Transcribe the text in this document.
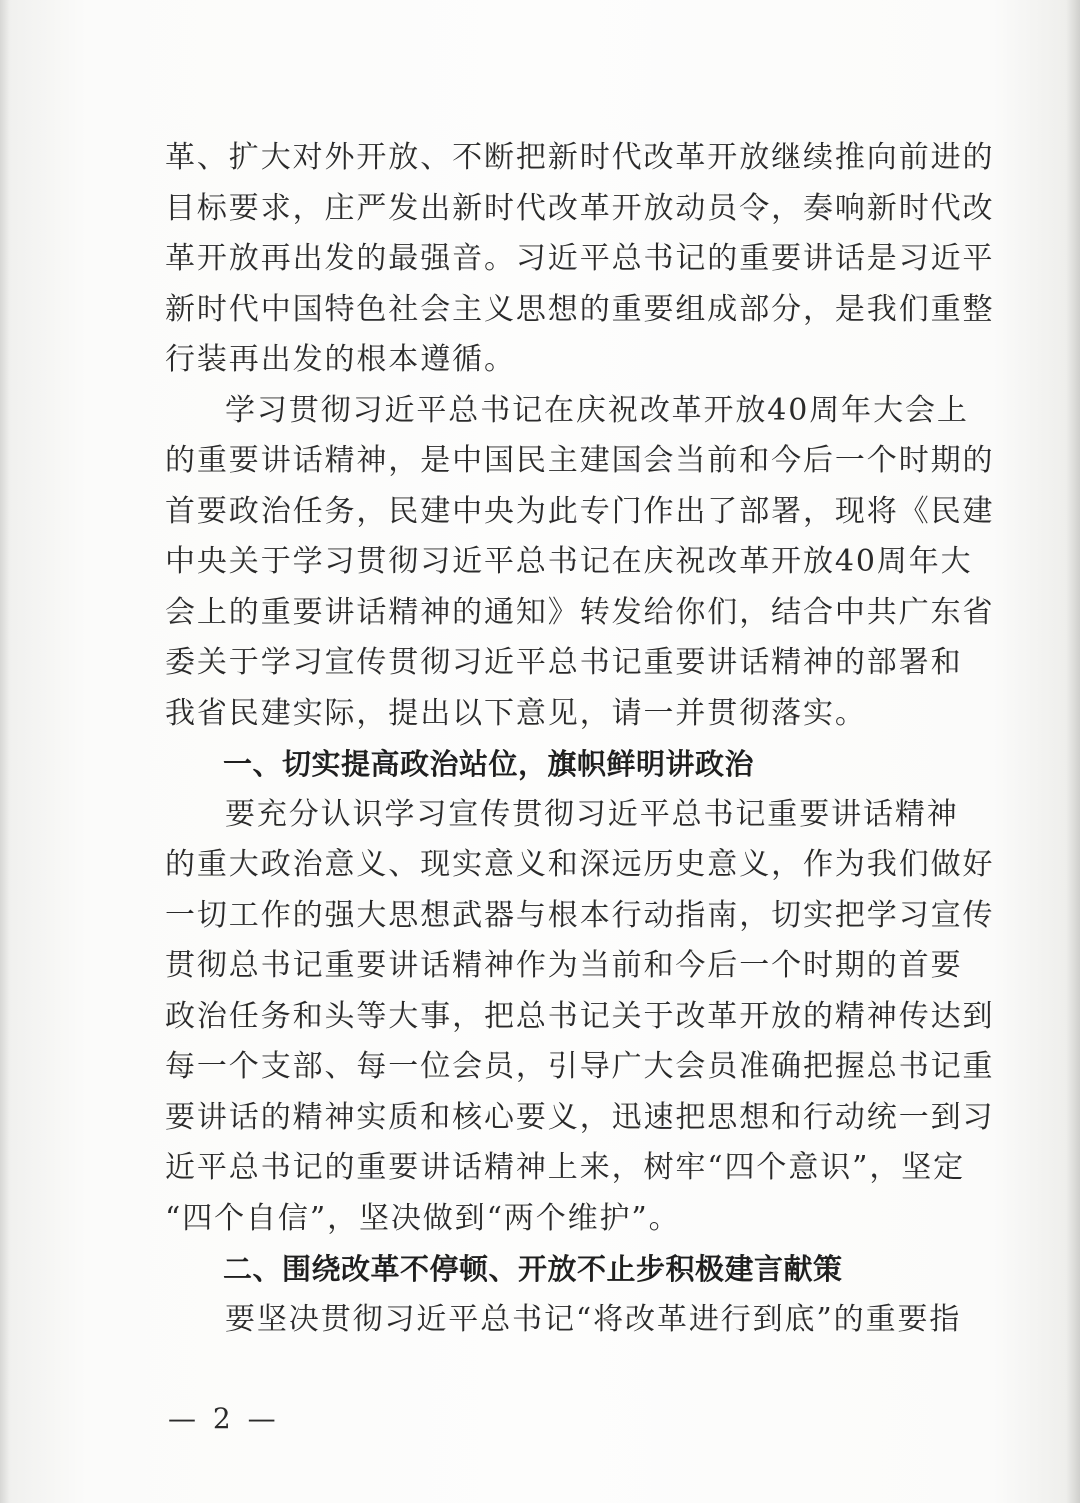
革、扩大对外开放、不断把新时代改革开放继续推向前进的
目标要求，庄严发出新时代改革开放动员令，奏响新时代改
革开放再出发的最强音。习近平总书记的重要讲话是习近平
新时代中国特色社会主义思想的重要组成部分，是我们重整
行装再出发的根本遵循。
学习贯彻习近平总书记在庆祝改革开放40周年大会上
的重要讲话精神，是中国民主建国会当前和今后一个时期的
首要政治任务，民建中央为此专门作出了部署，现将《民建
中央关于学习贯彻习近平总书记在庆祝改革开放40周年大
会上的重要讲话精神的通知》转发给你们，结合中共广东省
委关于学习宣传贯彻习近平总书记重要讲话精神的部署和
我省民建实际，提出以下意见，请一并贯彻落实。
一、切实提高政治站位，旗帜鲜明讲政治
要充分认识学习宣传贯彻习近平总书记重要讲话精神
的重大政治意义、现实意义和深远历史意义，作为我们做好
一切工作的强大思想武器与根本行动指南，切实把学习宣传
贯彻总书记重要讲话精神作为当前和今后一个时期的首要
政治任务和头等大事，把总书记关于改革开放的精神传达到
每一个支部、每一位会员，引导广大会员准确把握总书记重
要讲话的精神实质和核心要义，迅速把思想和行动统一到习
近平总书记的重要讲话精神上来，树牢“四个意识”，坚定
“四个自信”，坚决做到“两个维护”。
二、围绕改革不停顿、开放不止步积极建言献策
要坚决贯彻习近平总书记“将改革进行到底”的重要指
— 2 —
